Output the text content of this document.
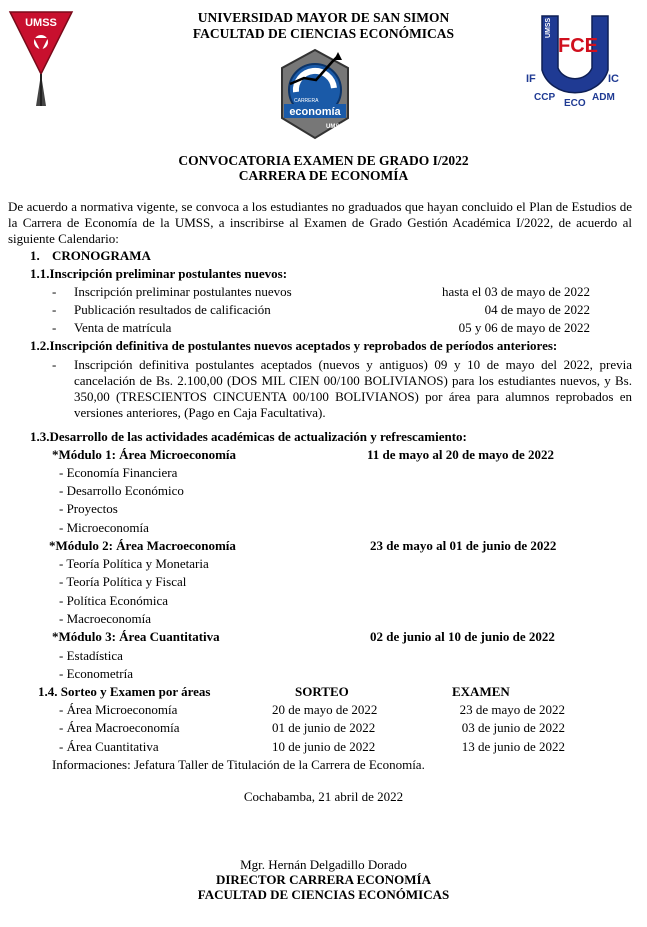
UMSS	UNIVERSIDAD MAYOR DE SAN SIMON
FACULTAD DE CIENCIAS ECONÓMICAS
CARRERA
economía
UMSS
FCE
UMSS
IF	IC
CCP
ECO
ADM
CONVOCATORIA EXAMEN DE GRADO I/2022
CARRERA DE ECONOMÍA
De acuerdo a normativa vigente, se convoca a los estudiantes no graduados que hayan concluido el Plan de Estudios de la Carrera de Economía de la UMSS, a inscribirse al Examen de Grado Gestión Académica I/2022, de acuerdo al siguiente Calendario:
1. CRONOGRAMA
1.1.Inscripción preliminar postulantes nuevos:
- Inscripción preliminar postulantes nuevos	hasta el 03 de mayo de 2022
- Publicación resultados de calificación	04 de mayo de 2022
- Venta de matrícula	05 y 06 de mayo de 2022
1.2.Inscripción definitiva de postulantes nuevos aceptados y reprobados de períodos anteriores:
- Inscripción definitiva postulantes aceptados (nuevos y antiguos) 09 y 10 de mayo del 2022, previa cancelación de Bs. 2.100,00 (DOS MIL CIEN 00/100 BOLIVIANOS) para los estudiantes nuevos, y Bs. 350,00 (TRESCIENTOS CINCUENTA 00/100 BOLIVIANOS) por área para alumnos reprobados en versiones anteriores, (Pago en Caja Facultativa).
1.3.Desarrollo de las actividades académicas de actualización y refrescamiento:
*Módulo 1: Área Microeconomía	11 de mayo al 20 de mayo de 2022
- Economía Financiera
- Desarrollo Económico
- Proyectos
- Microeconomía
*Módulo 2: Área Macroeconomía	23 de mayo al 01 de junio de 2022
- Teoría Política y Monetaria
- Teoría Política y Fiscal
- Política Económica
- Macroeconomía
*Módulo 3: Área Cuantitativa	02 de junio al 10 de junio de 2022
- Estadística
- Econometría
1.4. Sorteo y Examen por áreas	SORTEO	EXAMEN
- Área Microeconomía	20 de mayo de 2022	23 de mayo de 2022
- Área Macroeconomía	01 de junio de 2022	03 de junio de 2022
- Área Cuantitativa	10 de junio de 2022	13 de junio de 2022
Informaciones: Jefatura Taller de Titulación de la Carrera de Economía.
Cochabamba, 21 abril de 2022
Mgr. Hernán Delgadillo Dorado
DIRECTOR CARRERA ECONOMÍA
FACULTAD DE CIENCIAS ECONÓMICAS
